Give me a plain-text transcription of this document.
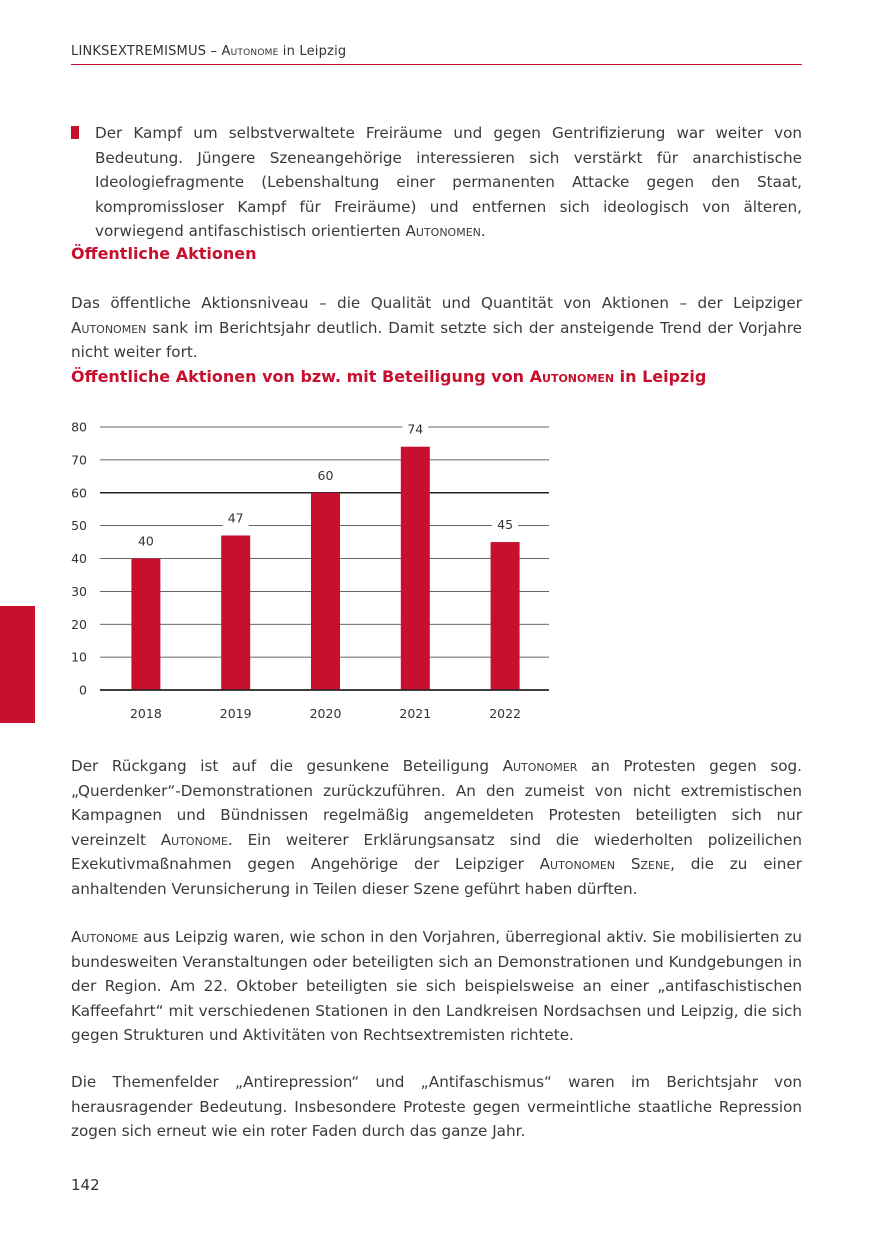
LINKSEXTREMISMUS – Autonome in Leipzig
Der Kampf um selbstverwaltete Freiräume und gegen Gentrifizierung war weiter von Bedeutung. Jüngere Szeneangehörige interessieren sich verstärkt für anarchistische Ideologiefragmente (Lebenshaltung einer permanenten Attacke gegen den Staat, kompromissloser Kampf für Freiräume) und entfernen sich ideologisch von älteren, vorwiegend antifaschistisch orientierten Autonomen.
Öffentliche Aktionen
Das öffentliche Aktionsniveau – die Qualität und Quantität von Aktionen – der Leipziger Autonomen sank im Berichtsjahr deutlich. Damit setzte sich der ansteigende Trend der Vorjahre nicht weiter fort.
Öffentliche Aktionen von bzw. mit Beteiligung von Autonomen in Leipzig
0
10
20
30
40
50
60
70
80
40
2018
47
2019
60
2020
74
2021
45
2022
Der Rückgang ist auf die gesunkene Beteiligung Autonomer an Protesten gegen sog. „Querdenker“-Demonstrationen zurückzuführen. An den zumeist von nicht extremistischen Kampagnen und Bündnissen regelmäßig angemeldeten Protesten beteiligten sich nur vereinzelt Autonome. Ein weiterer Erklärungsansatz sind die wiederholten polizeilichen Exekutivmaßnahmen gegen Angehörige der Leipziger Autonomen Szene, die zu einer anhaltenden Verunsicherung in Teilen dieser Szene geführt haben dürften.
Autonome aus Leipzig waren, wie schon in den Vorjahren, überregional aktiv. Sie mobilisierten zu bundesweiten Veranstaltungen oder beteiligten sich an Demonstrationen und Kundgebungen in der Region. Am 22. Oktober beteiligten sie sich beispielsweise an einer „antifaschistischen Kaffeefahrt“ mit verschiedenen Stationen in den Landkreisen Nordsachsen und Leipzig, die sich gegen Strukturen und Aktivitäten von Rechtsextremisten richtete.
Die Themenfelder „Antirepression“ und „Antifaschismus“ waren im Berichtsjahr von herausragender Bedeutung. Insbesondere Proteste gegen vermeintliche staatliche Repression zogen sich erneut wie ein roter Faden durch das ganze Jahr.
142
